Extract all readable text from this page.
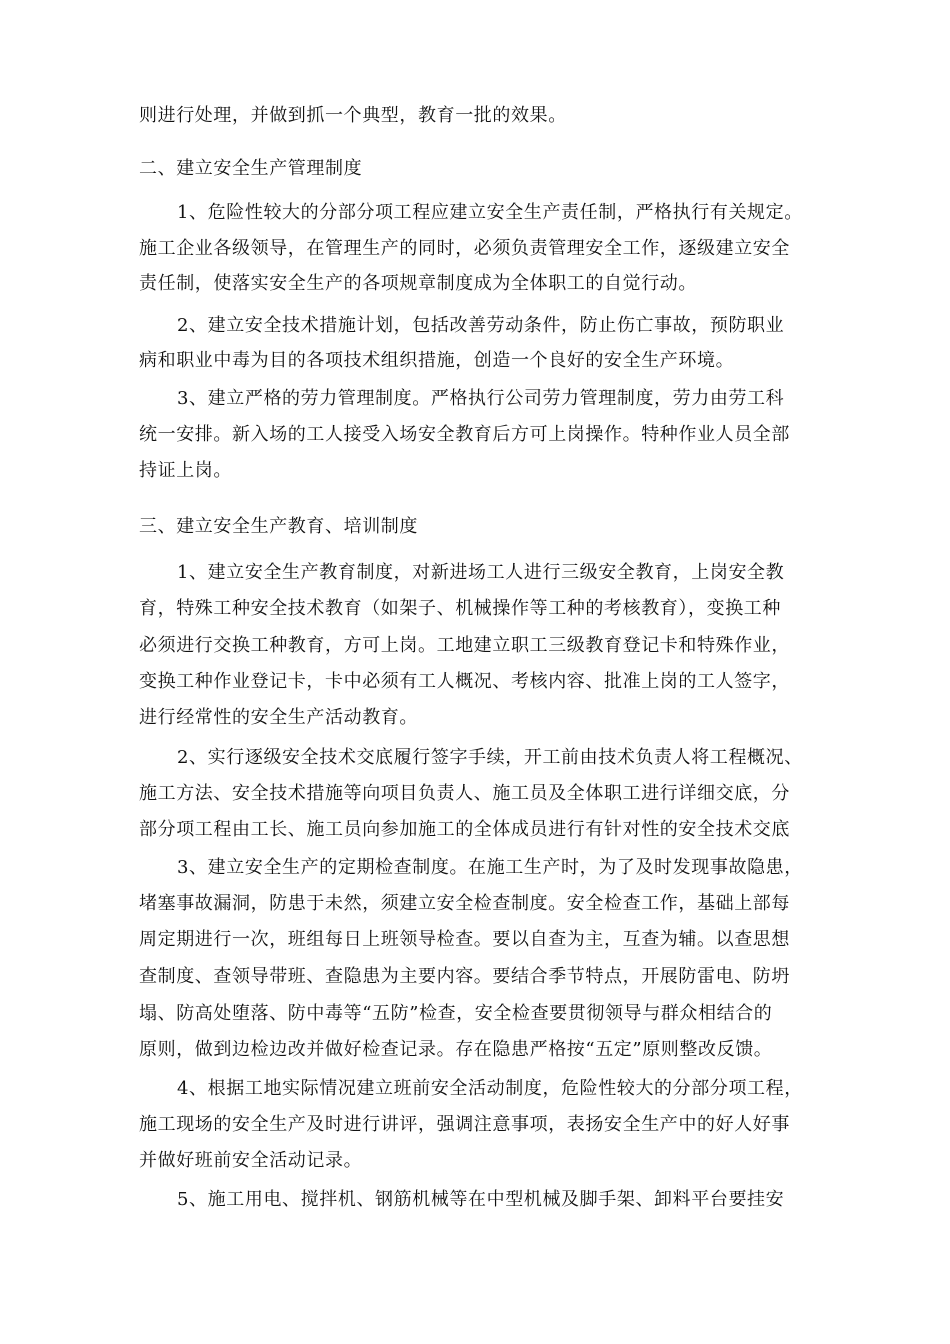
则进行处理，并做到抓一个典型，教育一批的效果。
二、建立安全生产管理制度
1、危险性较大的分部分项工程应建立安全生产责任制，严格执行有关规定。
施工企业各级领导，在管理生产的同时，必须负责管理安全工作，逐级建立安全
责任制，使落实安全生产的各项规章制度成为全体职工的自觉行动。
2、建立安全技术措施计划，包括改善劳动条件，防止伤亡事故，预防职业
病和职业中毒为目的各项技术组织措施，创造一个良好的安全生产环境。
3、建立严格的劳力管理制度。严格执行公司劳力管理制度，劳力由劳工科
统一安排。新入场的工人接受入场安全教育后方可上岗操作。特种作业人员全部
持证上岗。
三、建立安全生产教育、培训制度
1、建立安全生产教育制度，对新进场工人进行三级安全教育，上岗安全教
育，特殊工种安全技术教育（如架子、机械操作等工种的考核教育），变换工种
必须进行交换工种教育，方可上岗。工地建立职工三级教育登记卡和特殊作业，
变换工种作业登记卡，卡中必须有工人概况、考核内容、批准上岗的工人签字，
进行经常性的安全生产活动教育。
2、实行逐级安全技术交底履行签字手续，开工前由技术负责人将工程概况、
施工方法、安全技术措施等向项目负责人、施工员及全体职工进行详细交底，分
部分项工程由工长、施工员向参加施工的全体成员进行有针对性的安全技术交底
3、建立安全生产的定期检查制度。在施工生产时，为了及时发现事故隐患，
堵塞事故漏洞，防患于未然，须建立安全检查制度。安全检查工作，基础上部每
周定期进行一次，班组每日上班领导检查。要以自查为主，互查为辅。以查思想
查制度、查领导带班、查隐患为主要内容。要结合季节特点，开展防雷电、防坍
塌、防高处堕落、防中毒等“五防”检查，安全检查要贯彻领导与群众相结合的
原则，做到边检边改并做好检查记录。存在隐患严格按“五定”原则整改反馈。
4、根据工地实际情况建立班前安全活动制度，危险性较大的分部分项工程，
施工现场的安全生产及时进行讲评，强调注意事项，表扬安全生产中的好人好事
并做好班前安全活动记录。
5、施工用电、搅拌机、钢筋机械等在中型机械及脚手架、卸料平台要挂安
